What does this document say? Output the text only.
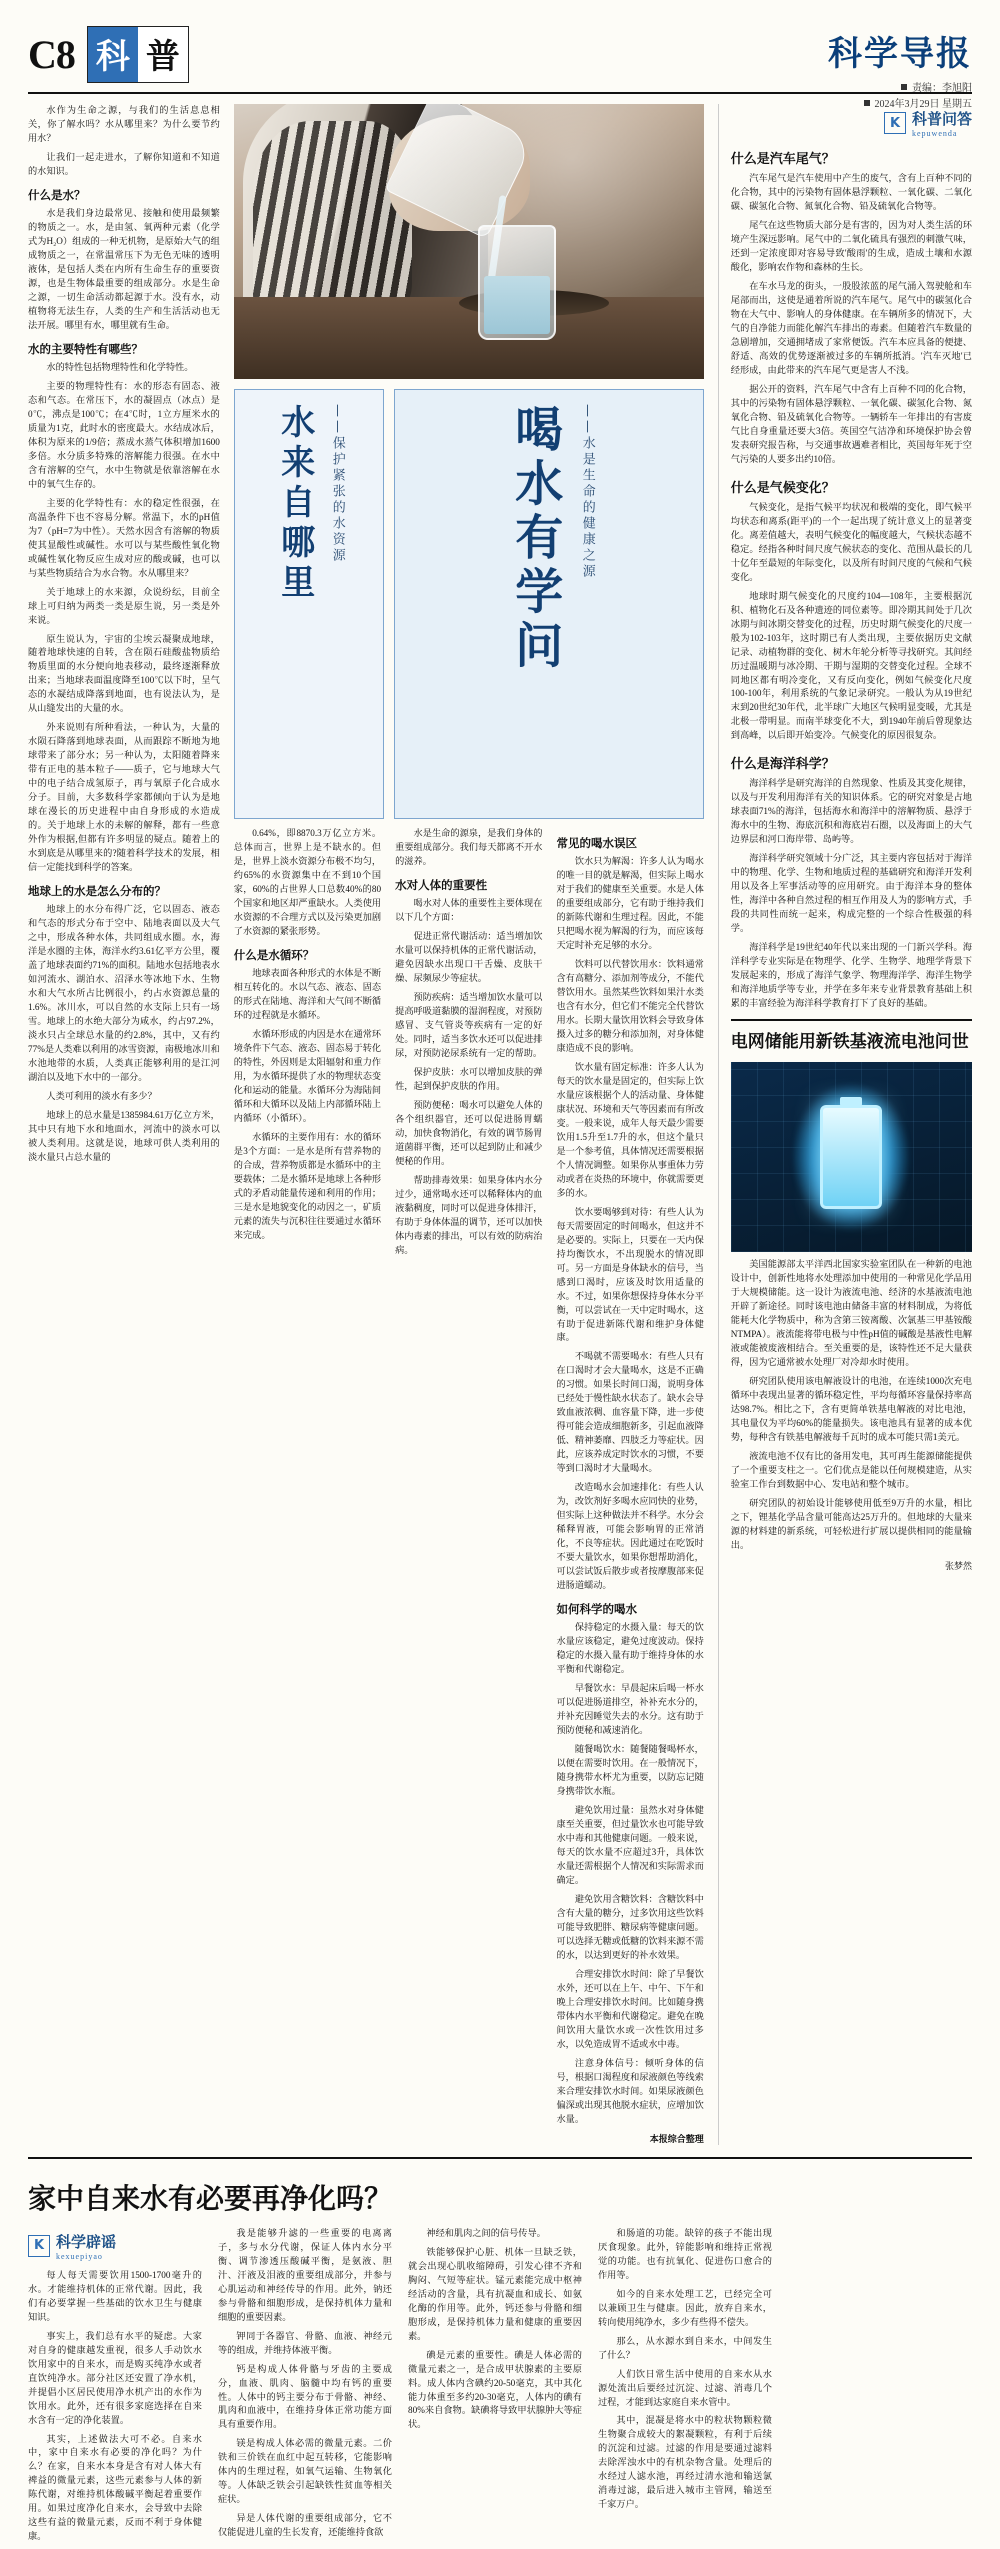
C8 科 普	科学导报
责编：李旭阳
2024年3月29日 星期五

水作为生命之源，与我们的生活息息相关，你了解水吗？水从哪里来？为什么要节约用水？

让我们一起走进水，了解你知道和不知道的水知识。

什么是水？

水是我们身边最常见、接触和使用最频繁的物质之一。水，是由氢、氧两种元素（化学式为H₂O）组成的一种无机物，是原始大气的组成物质之一，在常温常压下为无色无味的透明液体，是包括人类在内所有生命生存的重要资源，也是生物体最重要的组成部分。水是生命之源，一切生命活动都起源于水。没有水，动植物将无法生存，人类的生产和生活活动也无法开展。哪里有水，哪里就有生命。

水的主要特性有哪些？

水的特性包括物理特性和化学特性。

主要的物理特性有：水的形态有固态、液态和气态。在常压下，水的凝固点（冰点）是0℃，沸点是100℃；在4℃时，1立方厘米水的质量为1克，此时水的密度最大。水结成冰后，体积为原来的1/9倍；蒸成水蒸气体积增加1600多倍。水分质多特殊的溶解能力很强。在水中含有溶解的空气，水中生物就是依靠溶解在水中的氧气生存的。

主要的化学特性有：水的稳定性很强，在高温条件下也不容易分解。常温下，水的pH值为7（pH=7为中性）。天然水因含有溶解的物质使其显酸性或碱性。水可以与某些酸性氧化物或碱性氧化物反应生成对应的酸或碱，也可以与某些物质结合为水合物。水从哪里来？

关于地球上的水来源，众说纷纭，目前全球上可归纳为两类一类是原生说，另一类是外来说。

原生说认为，宇宙的尘埃云凝聚成地球，随着地球快速的自转，含在陨石硅酸盐物质给物质里面的水分便向地表移动，最终逐渐释放出来；当地球表面温度降至100℃以下时，呈气态的水凝结成降落到地面，也有说法认为，是从山缝发出的大量的水。

外来说则有所种看法，一种认为，大量的水陨石降落到地球表面，从而跟踪不断地为地球带来了部分水；另一种认为，太阳随着降来带有正电的基本粒子——质子，它与地球大气中的电子结合成氢原子，再与氧原子化合成水分子。目前，大多数科学家都倾向于认为是地球在漫长的历史进程中由自身形成的水造成的。关于地球上水的未解的解释，都有一些意外作为根据,但都有许多明显的疑点。随着上的水到底是从哪里来的?随着科学技术的发展，相信一定能找到科学的答案。

地球上的水是怎么分布的？

地球上的水分布得广泛，它以固态、液态和气态的形式分布于空中、陆地表面以及大气之中，形成各种水体，共同组成水圈。水，海洋是水圈的主体，海洋水约3.61亿平方公里，覆盖了地球表面约71%的面积。陆地水包括地表水如河流水、湖泊水、沼泽水等冰地下水、生物水和大气水所占比例很小，约占水资源总量的1.6%。冰川水，可以自然的水支际上只有一场雪。地球上的水绝大部分为咸水，约占97.2%，淡水只占全球总水量的约2.8%，其中，又有约77%是人类难以利用的冰雪资源，南极地冰川和水池地带的水质，人类真正能够利用的是江河湖泊以及地下水中的一部分。

人类可利用的淡水有多少？

地球上的总水量是1385984.61万亿立方米，其中只有地下水和地面水，河流中的淡水可以被人类利用。这就是说，地球可供人类利用的淡水量只占总水量的

水来自哪里	——保护紧张的水资源	喝水有学问	——水是生命的健康之源

0.64%，即8870.3万亿立方米。总体而言，世界上是不缺水的。但是，世界上淡水资源分布极不均匀，约65%的水资源集中在不到10个国家，60%的占世界人口总数40%的80个国家和地区却严重缺水。人类使用水资源的不合理方式以及污染更加剧了水资源的紧张形势。

什么是水循环？

地球表面各种形式的水体是不断相互转化的。水以气态、液态、固态的形式在陆地、海洋和大气间不断循环的过程就是水循环。

水循环形成的内因是水在通常环境条件下气态、液态、固态易于转化的特性，外因则是太阳辐射和重力作用，为水循环提供了水的物理状态变化和运动的能量。水循环分为海陆间循环和大循环以及陆上内部循环陆上内循环（小循环）。

水循环的主要作用有：水的循环是3个方面：一是水是所有营养物的的合成，营养物质都是水循环中的主要载体；二是水循环是地球上各种形式的矛盾动能量传递和利用的作用；三是水是地貌变化的动因之一，矿质元素的流失与沉积往往要通过水循环来完成。

水是生命的源泉，是我们身体的重要组成部分。我们每天都离不开水的滋养。

水对人体的重要性

喝水对人体的重要性主要体现在以下几个方面：

促进正常代谢活动：适当增加饮水量可以保持机体的正常代谢活动，避免因缺水出现口干舌燥、皮肤干燥、尿频尿少等症状。

预防疾病：适当增加饮水量可以提高呼吸道黏膜的湿润程度，对预防感冒、支气管炎等疾病有一定的好处。同时，适当多饮水还可以促进排尿，对预防泌尿系统有一定的帮助。

保护皮肤：水可以增加皮肤的弹性，起到保护皮肤的作用。

预防便秘：喝水可以避免人体的各个组织器官，还可以促进肠胃蠕动，加快食物消化，有效的调节肠胃道菌群平衡，还可以起到防止和减少便秘的作用。

帮助排毒效果：如果身体内水分过少，通常喝水还可以稀释体内的血液黏稠度，同时可以促进身体排汗，有助于身体体温的调节，还可以加快体内毒素的排出，可以有效的防病治病。

常见的喝水误区

饮水只为解渴：许多人认为喝水的唯一目的就是解渴，但实际上喝水对于我们的健康至关重要。水是人体的重要组成部分，它有助于维持我们的新陈代谢和生理过程。因此，不能只把喝水视为解渴的行为，而应该每天定时补充足够的水分。

饮料可以代替饮用水：饮料通常含有高糖分、添加剂等成分，不能代替饮用水。虽然某些饮料如果汁水类也含有水分，但它们不能完全代替饮用水。长期大量饮用饮料会导致身体摄入过多的糖分和添加剂，对身体健康造成不良的影响。

饮水量有固定标准：许多人认为每天的饮水量是固定的，但实际上饮水量应该根据个人的活动量、身体健康状况、环境和天气等因素而有所改变。一般来说，成年人每天最少需要饮用1.5升至1.7升的水，但这个量只是一个参考值，具体情况还需要根据个人情况调整。如果你从事重体力劳动或者在炎热的环境中，你就需要更多的水。

饮水要喝够到对待：有些人认为每天需要固定的时间喝水，但这并不是必要的。实际上，只要在一天内保持均衡饮水，不出现脱水的情况即可。另一方面是身体缺水的信号，当感到口渴时，应该及时饮用适量的水。不过，如果你想保持身体水分平衡，可以尝试在一天中定时喝水，这有助于促进新陈代谢和维护身体健康。

不喝就不需要喝水：有些人只有在口渴时才会大量喝水，这是不正确的习惯。如果长时间口渴，说明身体已经处于慢性缺水状态了。缺水会导致血液浓稠、血容量下降，进一步使得可能会造成细胞新多，引起血液降低、精神萎靡、四肢乏力等症状。因此，应该养成定时饮水的习惯，不要等到口渴时才大量喝水。

改造喝水会加速排化：有些人认为，改饮剂好多喝水应同快的业势，但实际上这种做法并不科学。水分会稀释胃液，可能会影响胃的正常消化，不良等症状。因此通过在吃饭时不要大量饮水，如果你想帮助消化，可以尝试饭后散步或者按摩腹部来促进肠道蠕动。

如何科学的喝水

保持稳定的水摄入量：每天的饮水量应该稳定，避免过度波动。保持稳定的水摄入量有助于维持身体的水平衡和代谢稳定。

早餐饮水：早晨起床后喝一杯水可以促进肠道排空，补补充水分的，并补充因睡觉失去的水分。这有助于预防便秘和减速消化。

随餐喝饮水：随餐随餐喝杯水，以便在需要时饮用。在一般情况下，随身携带水杯尤为重要，以防忘记随身携带饮水瓶。

避免饮用过量：虽然水对身体健康至关重要，但过量饮水也可能导致水中毒和其他健康问题。一般来说，每天的饮水量不应超过3升，具体饮水量还需根据个人情况和实际需求而确定。

避免饮用含糖饮料：含糖饮料中含有大量的糖分，过多饮用这些饮料可能导致肥胖、糖尿病等健康问题。可以选择无糖或低糖的饮料来源不需的水，以达到更好的补水效果。

合理安排饮水时间：除了早餐饮水外，还可以在上午、中午、下午和晚上合理安排饮水时间。比如随身携带体内水平衡和代谢稳定。避免在晚间饮用大量饮水或一次性饮用过多水，以免造成胃不适或水中毒。

注意身体信号：倾听身体的信号，根据口渴程度和尿液颜色等线索来合理安排饮水时间。如果尿液颜色偏深或出现其他脱水症状，应增加饮水量。

本报综合整理
K 科普问答
kepuwenda
什么是汽车尾气？

汽车尾气是汽车使用中产生的废气，含有上百种不同的化合物，其中的污染物有固体悬浮颗粒、一氧化碳、二氧化碳、碳氢化合物、氮氧化合物、铅及硫氧化合物等。

尾气在这些物质大部分是有害的，因为对人类生活的环境产生深远影响。尾气中的二氧化硫具有强烈的刺激气味，还到一定浓度即对容易导致'酸雨'的生成，造成土壤和水源酸化，影响农作物和森林的生长。

在车水马龙的街头，一股股浓蓝的尾气涌入驾驶舱和车尾部而出，这使是通着所说的汽车尾气。尾气中的碳氢化合物在大气中、影响人的身体健康。在车辆所多的情况下，大气的自净能力而能化解汽车排出的毒素。但随着汽车数量的急剧增加，交通拥堵成了家常便饭。汽车本应具备的便捷、舒适、高效的优势逐渐被过多的车辆所抵消。'汽车灭地'已经形成，由此带来的汽车尾气更是害人不浅。

据公开的资料，汽车尾气中含有上百种不同的化合物，其中的污染物有固体悬浮颗粒、一氧化碳、碳氢化合物、氮氧化合物、铅及硫氧化合物等。一辆轿车一年排出的有害废气比自身重量还要大3倍。英国空气洁净和环境保护协会曾发表研究报告称，与交通事故遇难者相比，英国每年死于空气污染的人要多出约10倍。

什么是气候变化？

气候变化，是指气候平均状况和极端的变化，即气候平均状态和离系(距平)的一个一起出现了统计意义上的显著变化。离差值越大，表明气候变化的幅度越大，气候状态越不稳定。经指各种时间尺度气候状态的变化、范围从最长的几十亿年至最短的年际变化，以及所有时间尺度的气候和气候变化。

地球时期气候变化的尺度约104—108年，主要根据沉积、植物化石及各种遗迹的同位素等。即冷期其间处于几次冰期与间冰期交替变化的过程，历史时期气候变化的尺度一般为102-103年，这时期已有人类出现，主要依据历史文献记录、动植物群的变化、树木年轮分析等寻找研究。其间经历过温暖期与冰冷期、干期与湿期的交替变化过程。全球不同地区都有明冷变化，又有反向变化，例如气候变化尺度100-100年，利用系统的气象记录研究。一般认为从19世纪末到20世纪30年代，北半球广大地区气候明显变暖，尤其是北极一带明显。而南半球变化不大，到1940年前后曾现象达到高峰，以后即开始变冷。气候变化的原因很复杂。

什么是海洋科学？

海洋科学是研究海洋的自然现象、性质及其变化规律，以及与开发利用海洋有关的知识体系。它的研究对象是占地球表面71%的海洋，包括海水和海洋中的溶解物质、悬浮于海水中的生物、海底沉积和海底岩石圈，以及海面上的大气边界层和河口海岸带、岛屿等。

海洋科学研究领域十分广泛，其主要内容包括对于海洋中的物理、化学、生物和地质过程的基础研究和海洋开发利用以及各上军事活动等的应用研究。由于海洋本身的整体性，海洋中各种自然过程的相互作用及人为的影响方式，手段的共同性而统一起来，构成完整的一个综合性极强的科学。

海洋科学是19世纪40年代以来出现的一门新兴学科。海洋科学专业实际是在物理学、化学、生物学、地理学背景下发展起来的，形成了海洋气象学、物理海洋学、海洋生物学和海洋地质学等专业，并学在多年来专业背景教育基础上积累的丰富经验为海洋科学教育打下了良好的基础。

电网储能用新铁基液流电池问世

美国能源部太平洋西北国家实验室团队在一种新的电池设计中，创新性地将水处理添加中使用的一种常见化学品用于大规模储能。这一设计为液流电池、经济的水基液流电池开辟了新途径。同时该电池由储备丰富的材料制成，为将低能耗大化学物质中，称为含第三铵离酸、次氯基三甲基铵酸NTMPA）。液流能将带电极与中性pH值的碱酸是基液性电解液或能被废液相结合。至关重要的是，该特性还不足大量获得，因为它通常被水处理厂对冷却水时使用。

研究团队使用该电解液设计的电池，在连续1000次充电循环中表现出显著的循环稳定性，平均每循环容量保持率高达98.7%。相比之下，含有更简单铁基电解液的对比电池，其电量仅为平均60%的能量损失。该电池具有显著的成本优势，每种含有铁基电解液每千瓦时的成本可能只需1美元。

液流电池不仅有比的备用发电，其可再生能源储能提供了一个重要支柱之一。它们优点是能以任何规模建造，从实验室工作台到数据中心、发电站和整个城市。

研究团队的初始设计能够使用低至9万升的水量，相比之下，锂基化学品含量可能高达25万升的。但地球的大量来源的材料建的新系统，可轻松进行扩展以提供相同的能量输出。

张梦然
家中自来水有必要再净化吗？
K 科学辟谣
kexuepiyao

每人每天需要饮用1500-1700毫升的水。才能维持机体的正常代谢。因此，我们有必要掌握一些基础的饮水卫生与健康知识。

事实上，我们总有水平的疑虑。大家对自身的健康越发重视，很多人手动饮水饮用家中的自来水，而是购买纯净水或者直饮纯净水。部分社区还安置了净水机，并提倡小区居民使用净水机产出的水作为饮用水。此外，还有很多家庭选择在自来水含有一定的净化装置。

其实，上述做法大可不必。自来水中，家中自来水有必要的净化吗？为什么？在家，自来水本身是含有对人体大有裨益的微量元素，这些元素参与人体的新陈代谢，对维持机体酸碱平衡起着重要作用。如果过度净化自来水，会导致中去除这些有益的微量元素，反而不利于身体健康。

我是能够升滤的一些重要的电离离子，多与水分代谢，保证人体内水分平衡、调节渗透压酸碱平衡，是氨液、胆汁、汗液及泪液的重要组成部分，并参与心肌运动和神经传导的作用。此外，钠还参与骨骼和细胞形成，是保持机体力量和细胞的重要因素。

钾同于各器官、骨骼、血液、神经元等的组成，并维持体液平衡。

钙是构成人体骨骼与牙齿的主要成分，血液、肌肉、脑髓中均有钙的重要性。人体中的钙主要分布于骨骼、神经、肌肉和血液中，在维持身体正常功能方面具有重要作用。

镁是构成人体必需的微量元素。二价铁和三价铁在血红中起互转移，它能影响体内的生理过程，如氧气运输、生物氧化等。人体缺乏铁会引起缺铁性贫血等相关症状。

异是人体代谢的重要组成部分，它不仅能促进儿童的生长发育，还能维持食欲

神经和肌肉之间的信号传导。

铁能够保护心脏、机体一旦缺乏铁，就会出现心肌收缩障碍，引发心律不齐和胸闷、气短等症状。锰元素能完成中枢神经活动的含量，具有抗凝血和成长、如氨化酶的作用等。此外，钙还参与骨骼和细胞形成，是保持机体力量和健康的重要因素。

碘是元素的重要性。碘是人体必需的微量元素之一，是合成甲状腺素的主要原料。成人体内含碘约20-50毫克，其中其化能力体重至多约20-30毫克，人体内的碘有80%来自食物。缺碘将导致甲状腺肿大等症状。

和肠道的功能。缺锌的孩子不能出现厌食现象。此外，锌能影响和维持正常视觉的功能。也有抗氧化、促进伤口愈合的作用等。

如今的自来水处理工艺，已经完全可以兼顾卫生与健康。因此，放弃自来水，转向使用纯净水，多少有些得不偿失。

那么，从水源水到自来水，中间发生了什么？

人们饮日常生活中使用的自来水从水源处流出后要经过沉淀、过滤、消毒几个过程，才能到达家庭自来水管中。

其中，混凝是将水中的粒状物颗粒微生物聚合成较大的絮凝颗粒，有利于后续的沉淀和过滤。过滤的作用是要通过滤料去除浑浊水中的有机杂物含量。处理后的水经过人滤水池，再经过清水池和输送氯消毒过滤，最后进入城市主管网，输送至千家万户。
